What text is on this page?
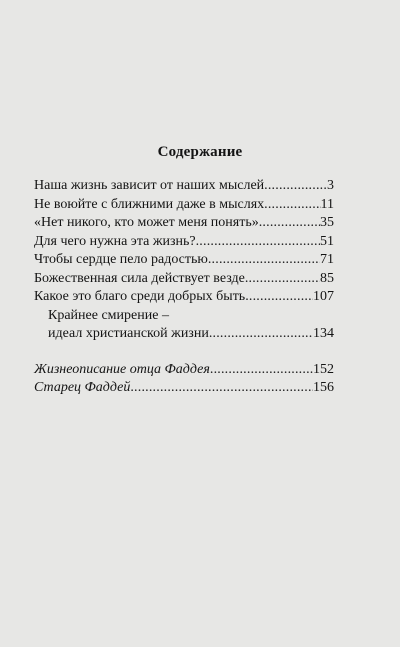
Содержание
Наша жизнь зависит от наших мыслей .....	3
Не воюйте с ближними даже в мыслях .....	11
«Нет никого, кто может меня понять» .....	35
Для чего нужна эта жизнь? .....	51
Чтобы сердце пело радостью .....	71
Божественная сила действует везде .....	85
Какое это благо среди добрых быть .....	107
Крайнее смирение –
идеал христианской жизни .....	134
Жизнеописание отца Фаддея .....	152
Старец Фаддей .....	156
